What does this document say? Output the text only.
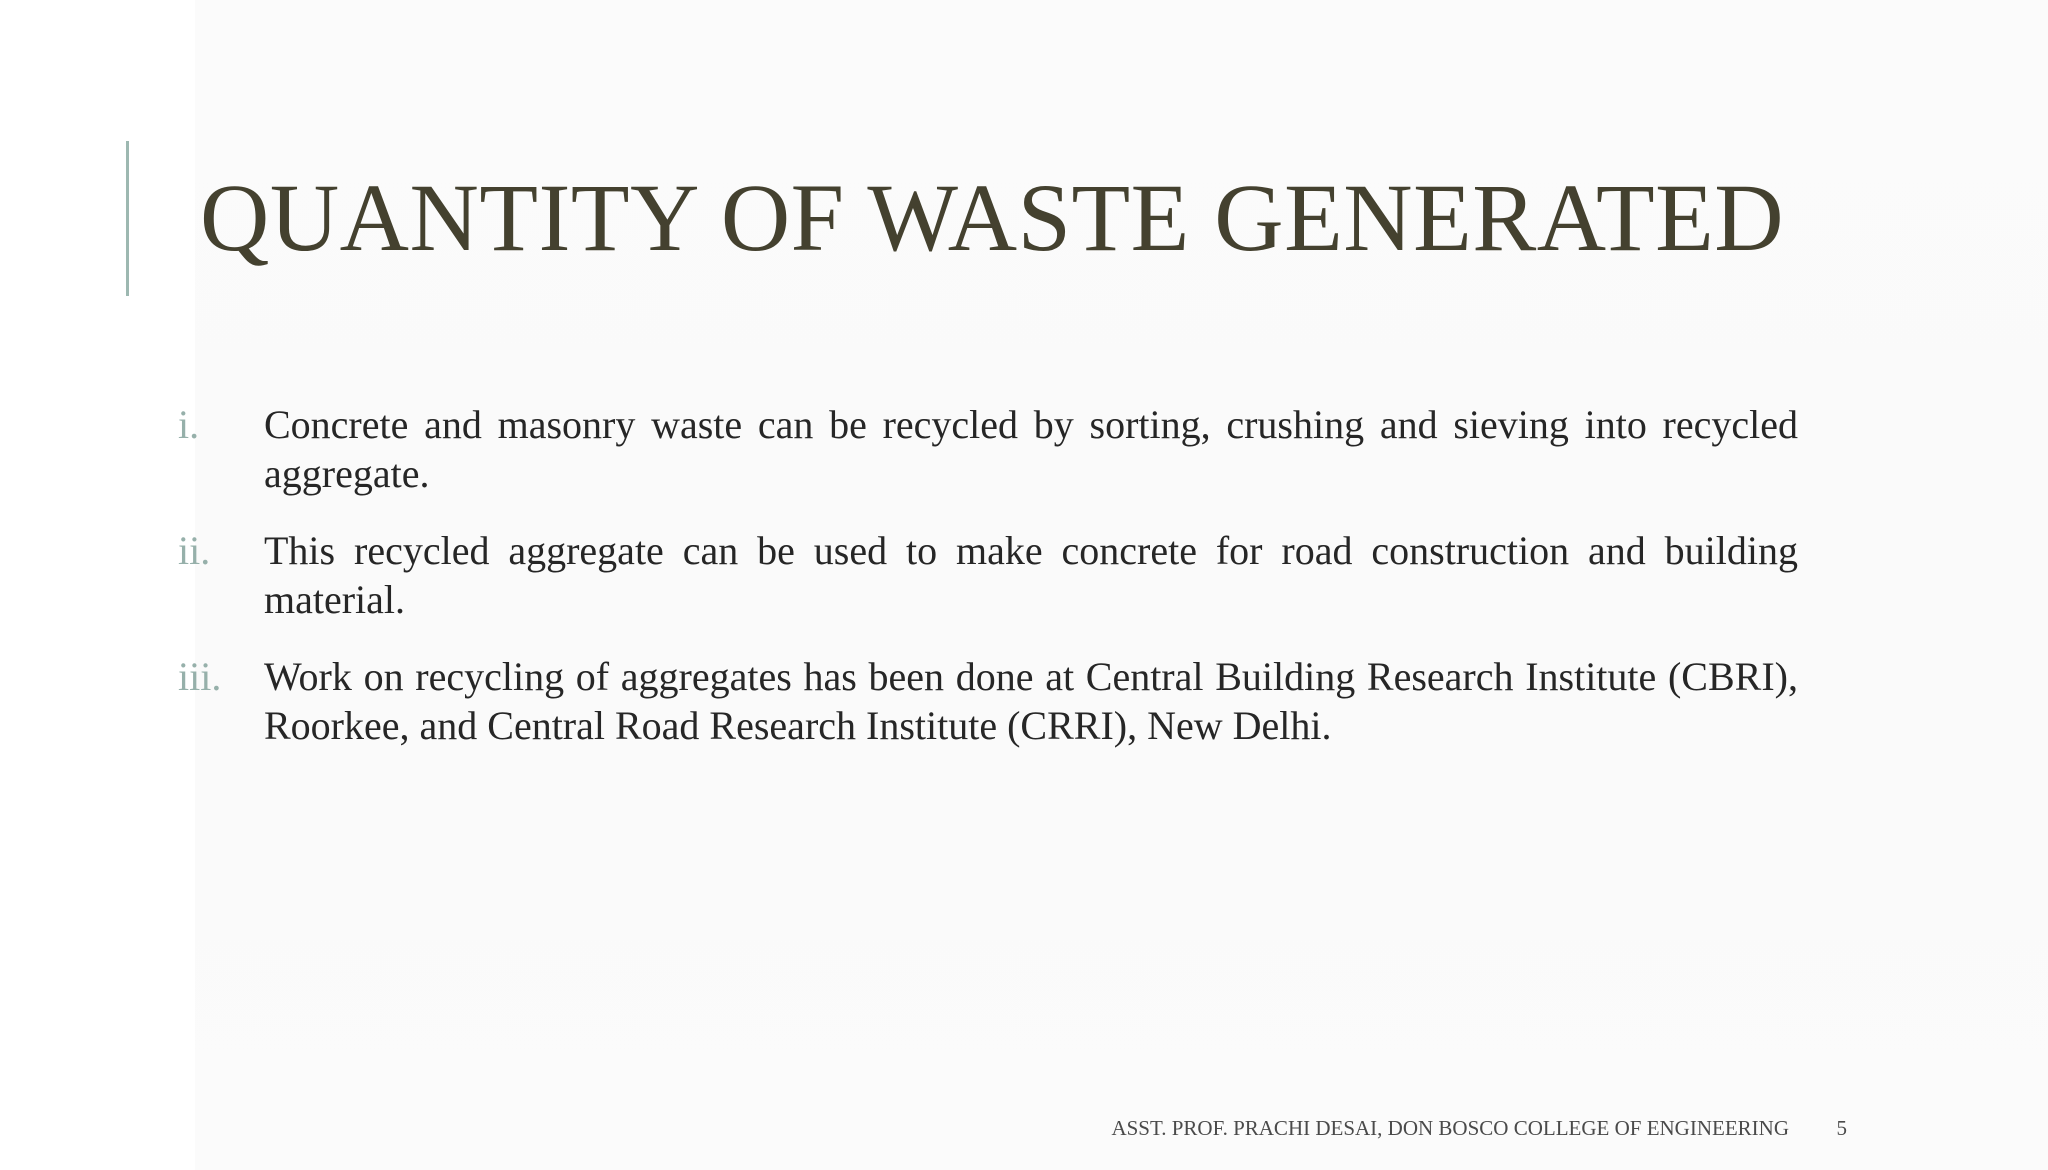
QUANTITY OF WASTE GENERATED
i. Concrete and masonry waste can be recycled by sorting, crushing and sieving into recycled aggregate.
ii. This recycled aggregate can be used to make concrete for road construction and building material.
iii. Work on recycling of aggregates has been done at Central Building Research Institute (CBRI), Roorkee, and Central Road Research Institute (CRRI), New Delhi.
ASST. PROF. PRACHI DESAI, DON BOSCO COLLEGE OF ENGINEERING 5
